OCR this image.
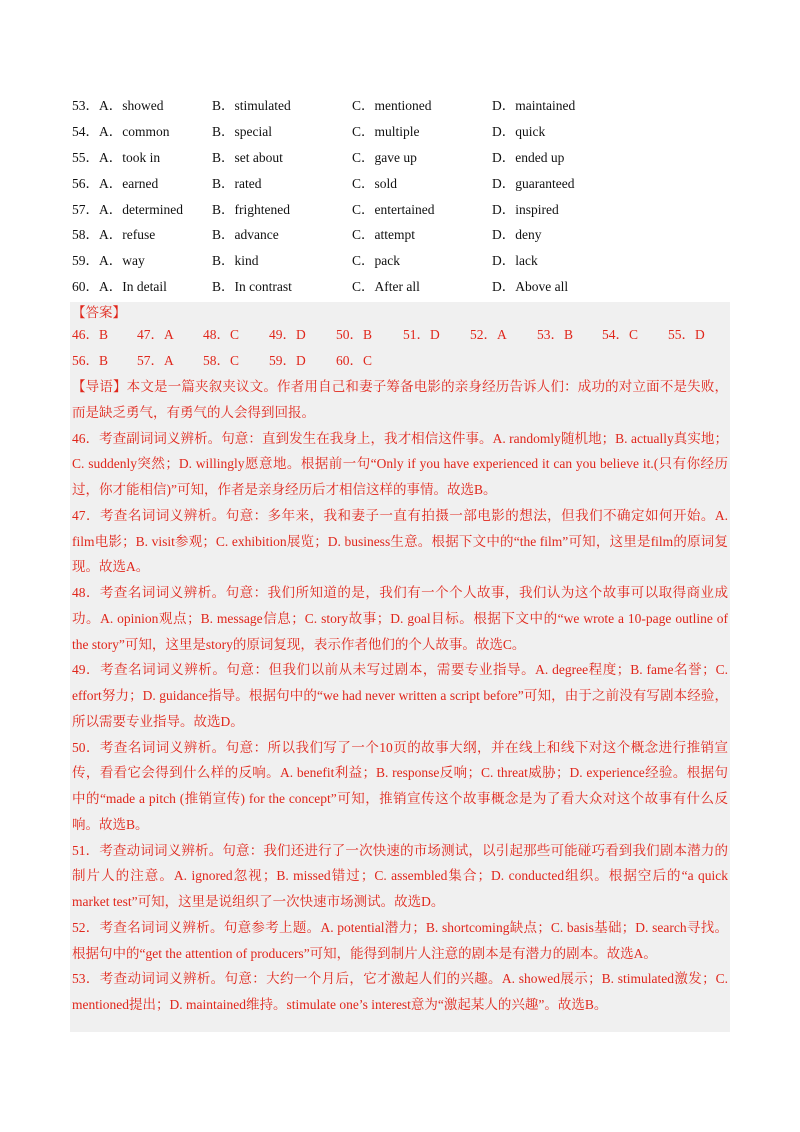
53．A．showed	B．stimulated	C．mentioned	D．maintained
54．A．common	B．special	C．multiple	D．quick
55．A．took in	B．set about	C．gave up	D．ended up
56．A．earned	B．rated	C．sold	D．guaranteed
57．A．determined B．frightened	C．entertained	D．inspired
58．A．refuse	B．advance	C．attempt	D．deny
59．A．way	B．kind	C．pack	D．lack
60．A．In detail	B．In contrast	C．After all	D．Above all
【答案】
46．B 47．A 48．C 49．D 50．B 51．D 52．A 53．B 54．C 55．D
56．B 57．A 58．C 59．D 60．C

【导语】本文是一篇夹叙夹议文。作者用自己和妻子筹备电影的亲身经历告诉人们：成功的对立面不是失败，而是缺乏勇气，有勇气的人会得到回报。

46．考查副词词义辨析。句意：直到发生在我身上，我才相信这件事。A. randomly随机地；B. actually真实地；C. suddenly突然；D. willingly愿意地。根据前一句“Only if you have experienced it can you believe it.(只有你经历过，你才能相信)”可知，作者是亲身经历后才相信这样的事情。故选B。

47．考查名词词义辨析。句意：多年来，我和妻子一直有拍摄一部电影的想法，但我们不确定如何开始。A. film电影；B. visit参观；C. exhibition展览；D. business生意。根据下文中的“the film”可知，这里是film的原词复现。故选A。

48．考查名词词义辨析。句意：我们所知道的是，我们有一个个人故事，我们认为这个故事可以取得商业成功。A. opinion观点；B. message信息；C. story故事；D. goal目标。根据下文中的“we wrote a 10-page outline of the story”可知，这里是story的原词复现，表示作者他们的个人故事。故选C。

49．考查名词词义辨析。句意：但我们以前从未写过剧本，需要专业指导。A. degree程度；B. fame名誉；C. effort努力；D. guidance指导。根据句中的“we had never written a script before”可知，由于之前没有写剧本经验，所以需要专业指导。故选D。

50．考查名词词义辨析。句意：所以我们写了一个10页的故事大纲，并在线上和线下对这个概念进行推销宣传，看看它会得到什么样的反响。A. benefit利益；B. response反响；C. threat威胁；D. experience经验。根据句中的“made a pitch (推销宣传) for the concept”可知，推销宣传这个故事概念是为了看大众对这个故事有什么反响。故选B。

51．考查动词词义辨析。句意：我们还进行了一次快速的市场测试，以引起那些可能碰巧看到我们剧本潜力的制片人的注意。A. ignored忽视；B. missed错过；C. assembled集合；D. conducted组织。根据空后的“a quick market test”可知，这里是说组织了一次快速市场测试。故选D。

52．考查名词词义辨析。句意参考上题。A. potential潜力；B. shortcoming缺点；C. basis基础；D. search寻找。根据句中的“get the attention of producers”可知，能得到制片人注意的剧本是有潜力的剧本。故选A。

53．考查动词词义辨析。句意：大约一个月后，它才激起人们的兴趣。A. showed展示；B. stimulated激发；C. mentioned提出；D. maintained维持。stimulate one’s interest意为“激起某人的兴趣”。故选B。
